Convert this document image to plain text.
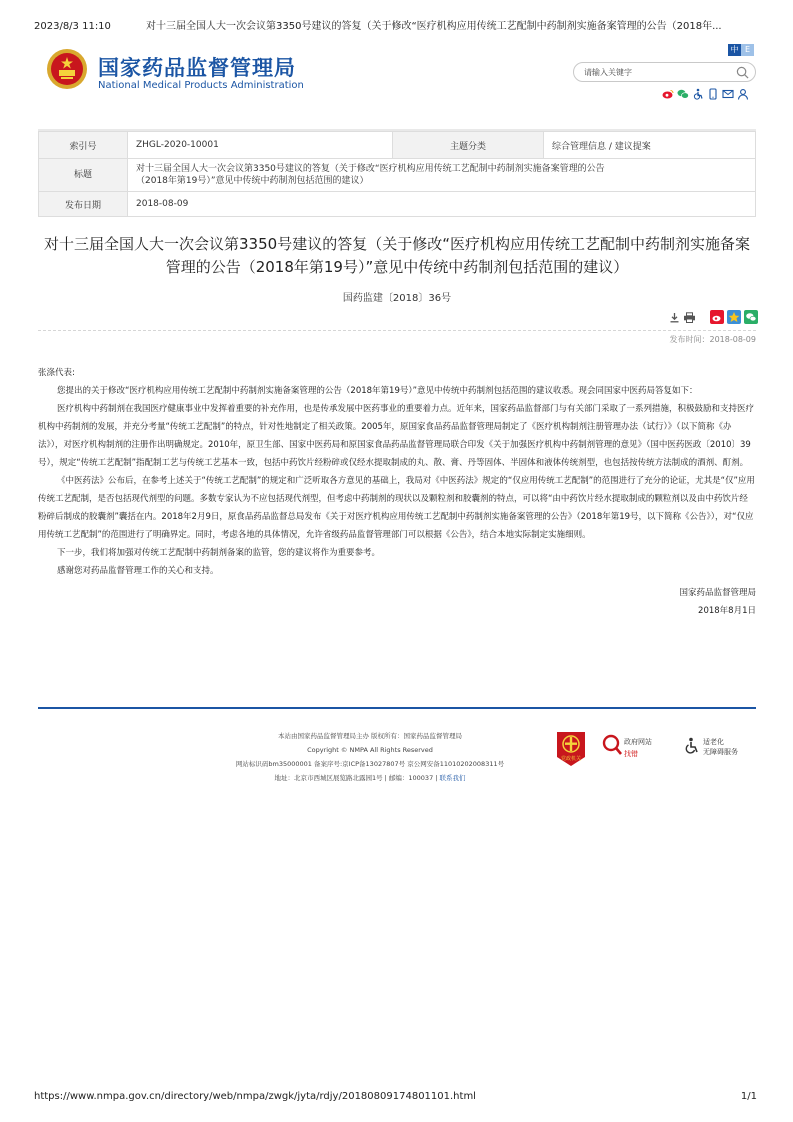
2023/8/3 11:10	对十三届全国人大一次会议第3350号建议的答复（关于修改“医疗机构应用传统工艺配制中药制剂实施备案管理的公告（2018年...
国家药品监督管理局
National Medical Products Administration
中 E
请输入关键字
索引号	ZHGL-2020-10001	主题分类	综合管理信息 / 建议提案
标题	对十三届全国人大一次会议第3350号建议的答复（关于修改“医疗机构应用传统工艺配制中药制剂实施备案管理的公告（2018年第19号）”意见中传统中药制剂包括范围的建议）		
发布日期	2018-08-09		
对十三届全国人大一次会议第3350号建议的答复（关于修改“医疗机构应用传统工艺配制中药制剂实施备案管理的公告（2018年第19号）”意见中传统中药制剂包括范围的建议）
国药监建〔2018〕36号
发布时间：2018-08-09

张涤代表:

您提出的关于修改“医疗机构应用传统工艺配制中药制剂实施备案管理的公告（2018年第19号）”意见中传统中药制剂包括范围的建议收悉。现会同国家中医药局答复如下：

医疗机构中药制剂在我国医疗健康事业中发挥着重要的补充作用，也是传承发展中医药事业的重要着力点。近年来，国家药品监督部门与有关部门采取了一系列措施，积极鼓励和支持医疗机构中药制剂的发展，并充分考量“传统工艺配制”的特点，针对性地制定了相关政策。2005年，原国家食品药品监督管理局制定了《医疗机构制剂注册管理办法（试行）》（以下简称《办法》），对医疗机构制剂的注册作出明确规定。2010年，原卫生部、国家中医药局和原国家食品药品监督管理局联合印发《关于加强医疗机构中药制剂管理的意见》（国中医药医政〔2010〕39号），规定“传统工艺配制”指配制工艺与传统工艺基本一致，包括中药饮片经粉碎或仅经水提取制成的丸、散、膏、丹等固体、半固体和液体传统剂型，也包括按传统方法制成的酒剂、酊剂。

《中医药法》公布后，在参考上述关于“传统工艺配制”的规定和广泛听取各方意见的基础上，我局对《中医药法》规定的“仅应用传统工艺配制”的范围进行了充分的论证，尤其是“仅”应用传统工艺配制，是否包括现代剂型的问题。多数专家认为不应包括现代剂型，但考虑中药制剂的现状以及颗粒剂和胶囊剂的特点，可以将“由中药饮片经水提取制成的颗粒剂以及由中药饮片经粉碎后制成的胶囊剂”囊括在内。2018年2月9日，原食品药品监督总局发布《关于对医疗机构应用传统工艺配制中药制剂实施备案管理的公告》（2018年第19号，以下简称《公告》），对“仅应用传统工艺配制”的范围进行了明确界定。同时，考虑各地的具体情况，允许省级药品监督管理部门可以根据《公告》，结合本地实际制定实施细则。

下一步，我们将加强对传统工艺配制中药制剂备案的监管，您的建议将作为重要参考。

感谢您对药品监督管理工作的关心和支持。

国家药品监督管理局

2018年8月1日

本站由国家药品监督管理局主办 版权所有：国家药品监督管理局
Copyright © NMPA All Rights Reserved
网站标识码bm35000001 备案序号:京ICP备13027807号 京公网安备11010202008311号
地址：北京市西城区展览路北露园1号 | 邮编：100037 | 联系我们
党政机关
政府网站
找错
适老化
无障碍服务
https://www.nmpa.gov.cn/directory/web/nmpa/zwgk/jyta/rdjy/20180809174801101.html	1/1
